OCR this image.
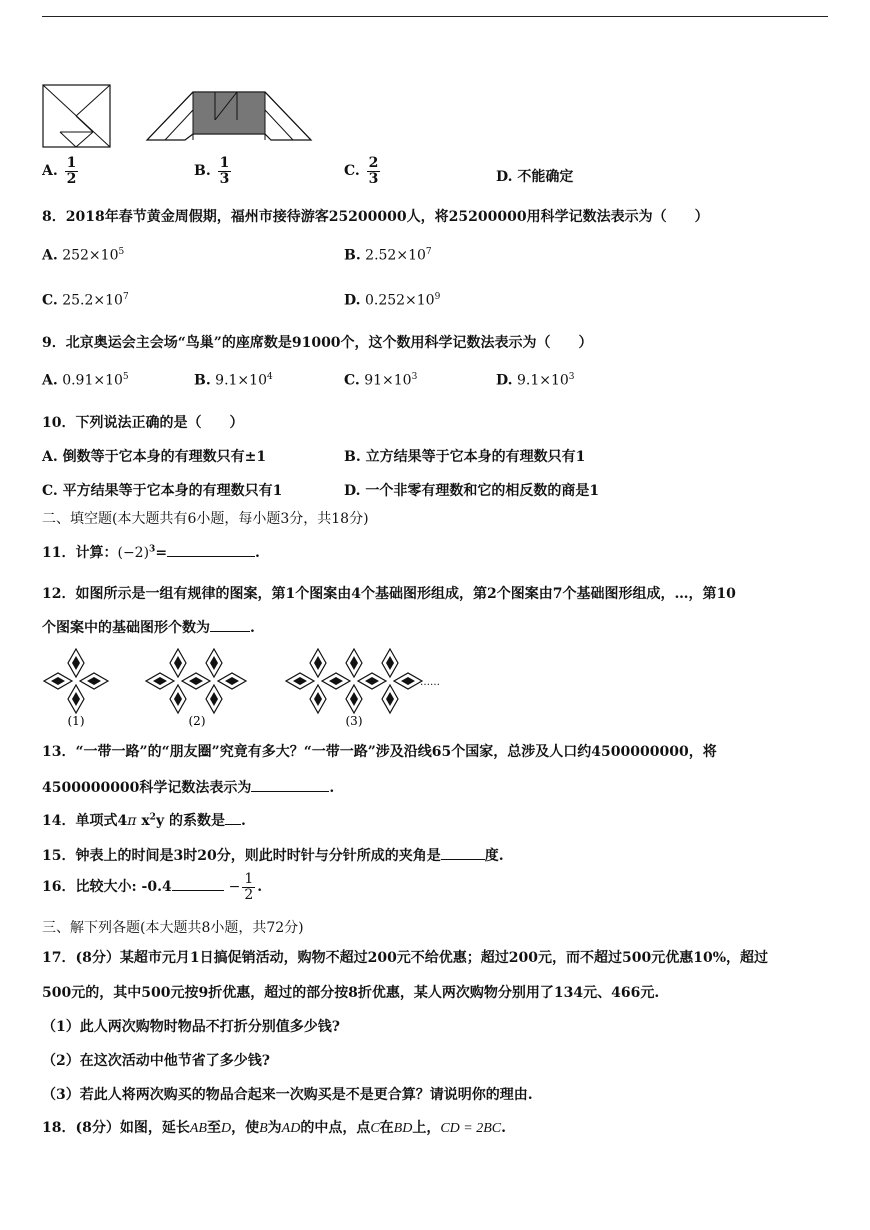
A. $\frac{1}{2}$	B. $\frac{1}{3}$	C. $\frac{2}{3}$	D. 不能确定
8．2018年春节黄金周假期，福州市接待游客25200000人，将25200000用科学记数法表示为（　　）
A. $252\times 10^5$	B. $2.52\times 10^7$
C. $25.2\times 10^7$	D. $0.252\times 10^9$
9．北京奥运会主会场“鸟巢”的座席数是91000个，这个数用科学记数法表示为（　　）
A. $0.91\times 10^5$	B. $9.1\times 10^4$	C. $91\times 10^3$	D. $9.1\times 10^3$
10．下列说法正确的是（　　）
A. 倒数等于它本身的有理数只有±1	B. 立方结果等于它本身的有理数只有1
C. 平方结果等于它本身的有理数只有1	D. 一个非零有理数和它的相反数的商是1
二、填空题(本大题共有6小题，每小题3分，共18分)
11．计算：$(-2)^3=$	.
12．如图所示是一组有规律的图案，第1个图案由4个基础图形组成，第2个图案由7个基础图形组成，…，第10
个图案中的基础图形个数为	.
(1)	(2)	(3)
……
13．“一带一路”的“朋友圈”究竟有多大？“一带一路”涉及沿线65个国家，总涉及人口约4500000000，将
4500000000科学记数法表示为	.
14．单项式4π $x^2y$ 的系数是 .
15．钟表上的时间是3时20分，则此时时针与分针所成的夹角是	度.
16．比较大小: -0.4	− $\frac{1}{2}$ .
三、解下列各题(本大题共8小题，共72分)
17．(8分）某超市元月1日搞促销活动，购物不超过200元不给优惠；超过200元，而不超过500元优惠10%，超过
500元的，其中500元按9折优惠，超过的部分按8折优惠，某人两次购物分别用了134元、466元.
（1）此人两次购物时物品不打折分别值多少钱?
（2）在这次活动中他节省了多少钱?
（3）若此人将两次购买的物品合起来一次购买是不是更合算？请说明你的理由.
18．(8分）如图，延长AB至D，使B为AD的中点，点C在BD上，CD = 2BC.
